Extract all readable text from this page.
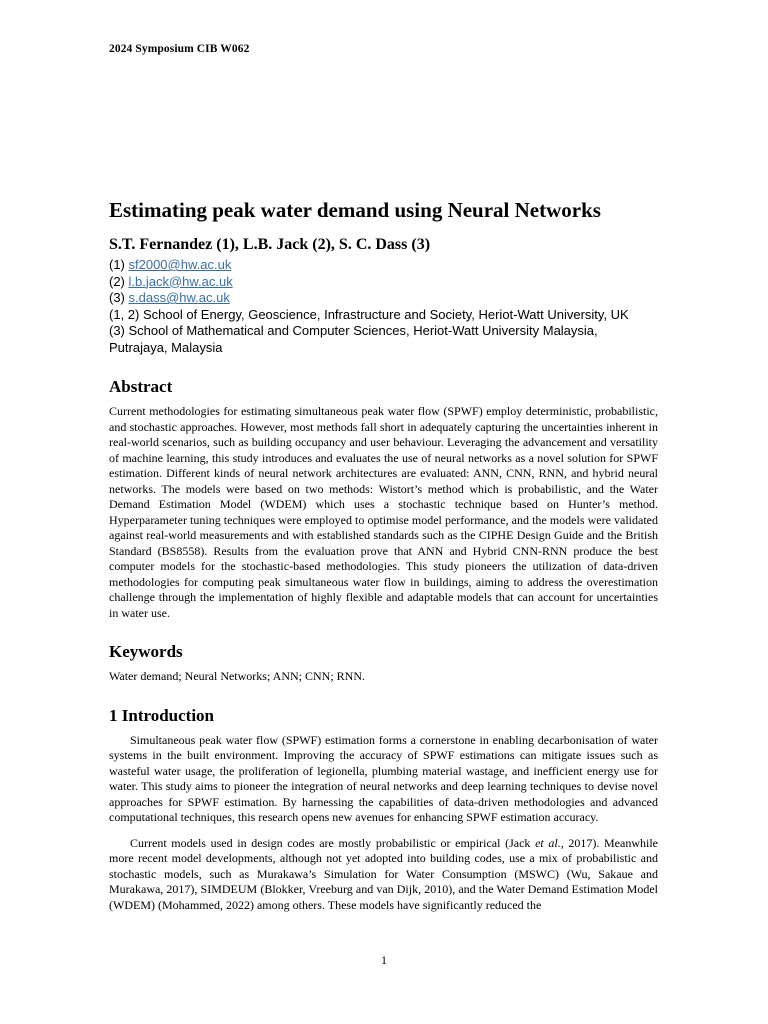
2024 Symposium CIB W062
Estimating peak water demand using Neural Networks
S.T. Fernandez (1), L.B. Jack (2), S. C. Dass (3)
(1) sf2000@hw.ac.uk
(2) l.b.jack@hw.ac.uk
(3) s.dass@hw.ac.uk
(1, 2) School of Energy, Geoscience, Infrastructure and Society, Heriot-Watt University, UK
(3) School of Mathematical and Computer Sciences, Heriot-Watt University Malaysia, Putrajaya, Malaysia
Abstract

Current methodologies for estimating simultaneous peak water flow (SPWF) employ deterministic, probabilistic, and stochastic approaches. However, most methods fall short in adequately capturing the uncertainties inherent in real-world scenarios, such as building occupancy and user behaviour. Leveraging the advancement and versatility of machine learning, this study introduces and evaluates the use of neural networks as a novel solution for SPWF estimation. Different kinds of neural network architectures are evaluated: ANN, CNN, RNN, and hybrid neural networks. The models were based on two methods: Wistort’s method which is probabilistic, and the Water Demand Estimation Model (WDEM) which uses a stochastic technique based on Hunter’s method. Hyperparameter tuning techniques were employed to optimise model performance, and the models were validated against real-world measurements and with established standards such as the CIPHE Design Guide and the British Standard (BS8558). Results from the evaluation prove that ANN and Hybrid CNN-RNN produce the best computer models for the stochastic-based methodologies. This study pioneers the utilization of data-driven methodologies for computing peak simultaneous water flow in buildings, aiming to address the overestimation challenge through the implementation of highly flexible and adaptable models that can account for uncertainties in water use.

Keywords

Water demand; Neural Networks; ANN; CNN; RNN.

1 Introduction

Simultaneous peak water flow (SPWF) estimation forms a cornerstone in enabling decarbonisation of water systems in the built environment. Improving the accuracy of SPWF estimations can mitigate issues such as wasteful water usage, the proliferation of legionella, plumbing material wastage, and inefficient energy use for water. This study aims to pioneer the integration of neural networks and deep learning techniques to devise novel approaches for SPWF estimation. By harnessing the capabilities of data-driven methodologies and advanced computational techniques, this research opens new avenues for enhancing SPWF estimation accuracy.

Current models used in design codes are mostly probabilistic or empirical (Jack et al., 2017). Meanwhile more recent model developments, although not yet adopted into building codes, use a mix of probabilistic and stochastic models, such as Murakawa’s Simulation for Water Consumption (MSWC) (Wu, Sakaue and Murakawa, 2017), SIMDEUM (Blokker, Vreeburg and van Dijk, 2010), and the Water Demand Estimation Model (WDEM) (Mohammed, 2022) among others. These models have significantly reduced the

1
